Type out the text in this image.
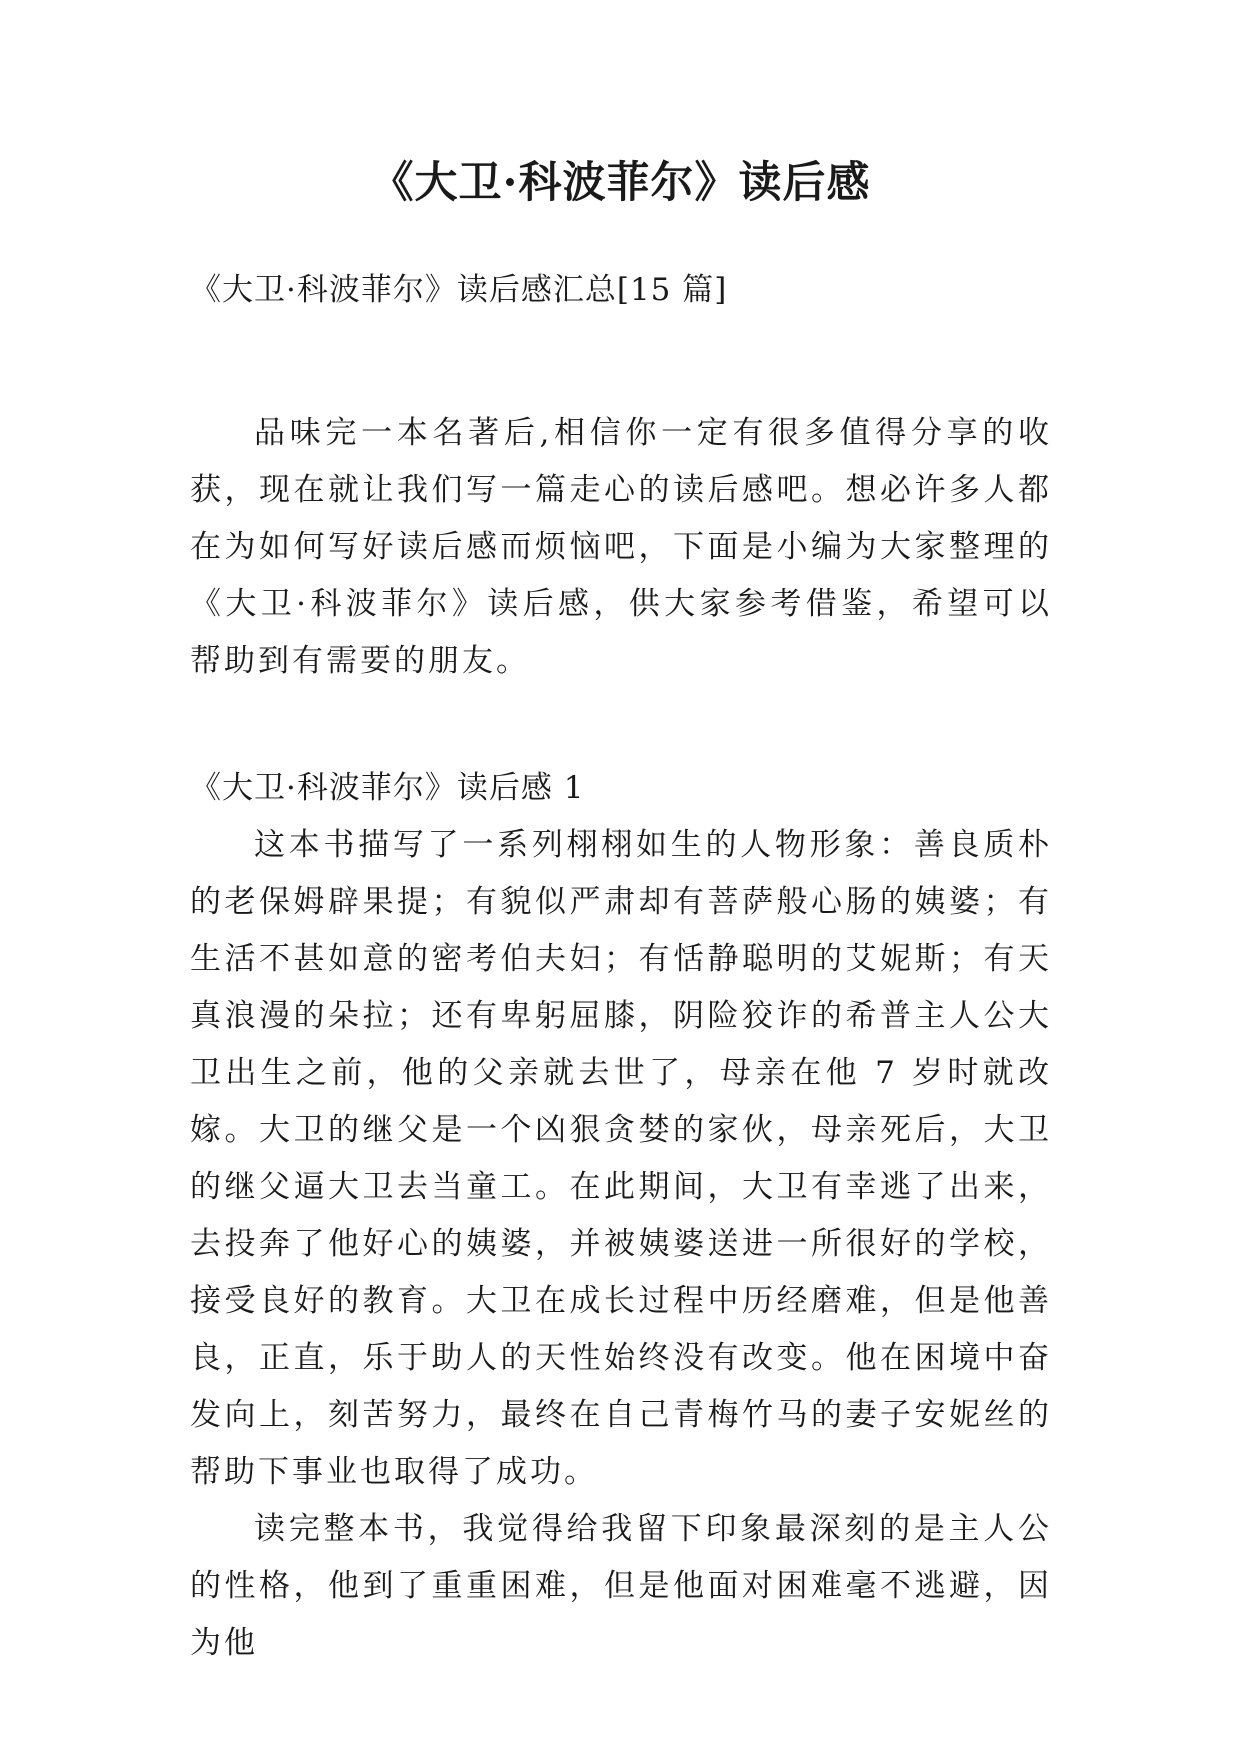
《大卫·科波菲尔》读后感

《大卫·科波菲尔》读后感汇总[15 篇]

品味完一本名著后,相信你一定有很多值得分享的收获，现在就让我们写一篇走心的读后感吧。想必许多人都在为如何写好读后感而烦恼吧，下面是小编为大家整理的《大卫·科波菲尔》读后感，供大家参考借鉴，希望可以帮助到有需要的朋友。

《大卫·科波菲尔》读后感 1

这本书描写了一系列栩栩如生的人物形象：善良质朴的老保姆辟果提；有貌似严肃却有菩萨般心肠的姨婆；有生活不甚如意的密考伯夫妇；有恬静聪明的艾妮斯；有天真浪漫的朵拉；还有卑躬屈膝，阴险狡诈的希普主人公大卫出生之前，他的父亲就去世了，母亲在他 7 岁时就改嫁。大卫的继父是一个凶狠贪婪的家伙，母亲死后，大卫的继父逼大卫去当童工。在此期间，大卫有幸逃了出来，去投奔了他好心的姨婆，并被姨婆送进一所很好的学校，接受良好的教育。大卫在成长过程中历经磨难，但是他善良，正直，乐于助人的天性始终没有改变。他在困境中奋发向上，刻苦努力，最终在自己青梅竹马的妻子安妮丝的帮助下事业也取得了成功。

读完整本书，我觉得给我留下印象最深刻的是主人公的性格，他到了重重困难，但是他面对困难毫不逃避，因为他
